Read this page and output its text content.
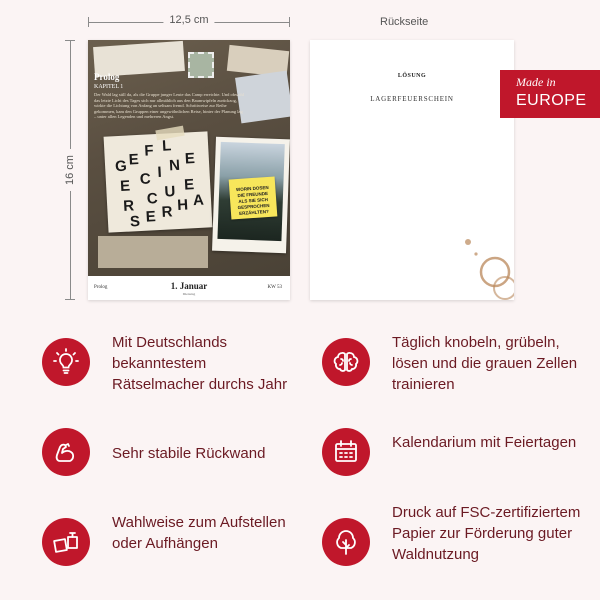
12,5 cm
16 cm
Rückseite
Prolog
KAPITEL 1
Der Wald lag still da, als die Gruppe junger Leute das Camp erreichte. Und obwohl das letzte Licht des Tages sich nur allmählich aus den Baumwipfeln zurückzog, wirkte die Lichtung von Anfang an seltsam fremd. Schrittweise zur Reihe gekommen, kam den Gruppen einer ungewöhnlichen Reise, hinter der Planung lag – unter allen Legenden und mehreren Angst.
G E
F L
E C I N E
R C U E
S E R H A
WORIN DOSEN DIE FREUNDE ALS SIE SICH GESPROCHEN ERZÄHLTEN?
Prolog	1. Januar
Dienstag
KW 53
LÖSUNG
LAGERFEUERSCHEIN
Made in
EUROPE
Mit Deutschlands bekanntestem Rätselmacher durchs Jahr
Täglich knobeln, grübeln, lösen und die grauen Zellen trainieren
Sehr stabile Rückwand
Kalendarium mit Feiertagen
Wahlweise zum Aufstellen oder Aufhängen
Druck auf FSC-zertifiziertem Papier zur Förderung guter Waldnutzung
